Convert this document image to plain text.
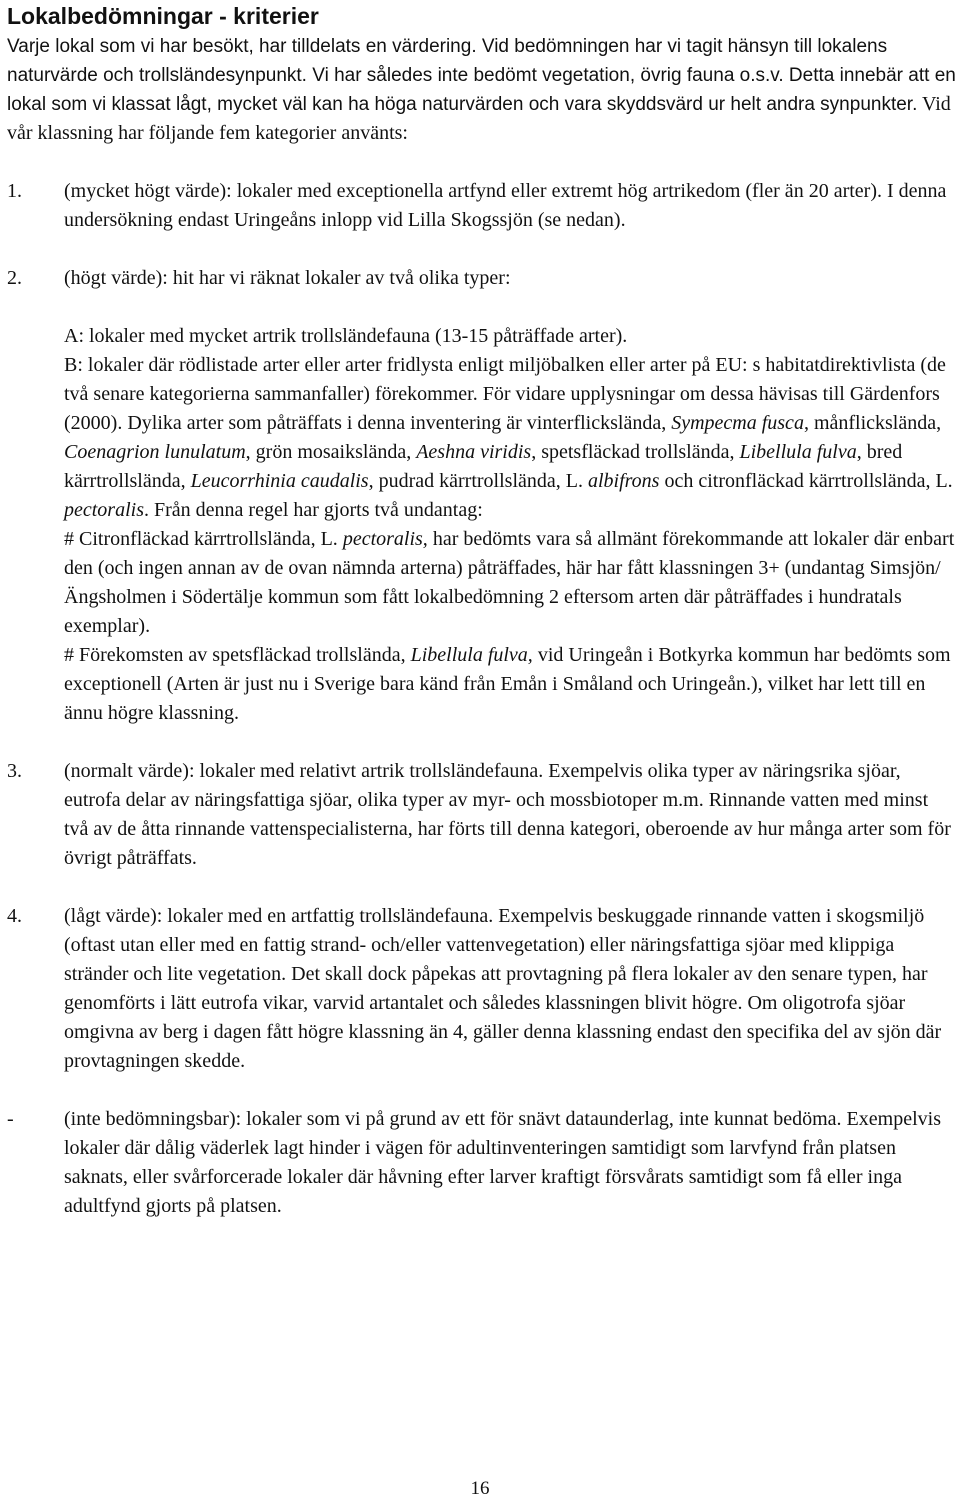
Lokalbedömningar - kriterier

Varje lokal som vi har besökt, har tilldelats en värdering. Vid bedömningen har vi tagit hänsyn till lokalens naturvärde och trollsländesynpunkt. Vi har således inte bedömt vegetation, övrig fauna o.s.v. Detta innebär att en lokal som vi klassat lågt, mycket väl kan ha höga naturvärden och vara skyddsvärd ur helt andra synpunkter. Vid vår klassning har följande fem kategorier använts:

1. (mycket högt värde): lokaler med exceptionella artfynd eller extremt hög artrikedom (fler än 20 arter). I denna undersökning endast Uringeåns inlopp vid Lilla Skogssjön (se nedan).

2. (högt värde): hit har vi räknat lokaler av två olika typer:

A: lokaler med mycket artrik trollsländefauna (13-15 påträffade arter).

B: lokaler där rödlistade arter eller arter fridlysta enligt miljöbalken eller arter på EU: s habitatdirektivlista (de två senare kategorierna sammanfaller) förekommer. För vidare upplysningar om dessa hävisas till Gärdenfors (2000). Dylika arter som påträffats i denna inventering är vinterflickslända, Sympecma fusca, månflickslända, Coenagrion lunulatum, grön mosaikslända, Aeshna viridis, spetsfläckad trollslända, Libellula fulva, bred kärrtrollslända, Leucorrhinia caudalis, pudrad kärrtrollslända, L. albifrons och citronfläckad kärrtrollslända, L. pectoralis. Från denna regel har gjorts två undantag:

# Citronfläckad kärrtrollslända, L. pectoralis, har bedömts vara så allmänt förekommande att lokaler där enbart den (och ingen annan av de ovan nämnda arterna) påträffades, här har fått klassningen 3+ (undantag Simsjön/Ängsholmen i Södertälje kommun som fått lokalbedömning 2 eftersom arten där påträffades i hundratals exemplar).

# Förekomsten av spetsfläckad trollslända, Libellula fulva, vid Uringeån i Botkyrka kommun har bedömts som exceptionell (Arten är just nu i Sverige bara känd från Emån i Småland och Uringeån.), vilket har lett till en ännu högre klassning.

3. (normalt värde): lokaler med relativt artrik trollsländefauna. Exempelvis olika typer av näringsrika sjöar, eutrofa delar av näringsfattiga sjöar, olika typer av myr- och mossbiotoper m.m. Rinnande vatten med minst två av de åtta rinnande vattenspecialisterna, har förts till denna kategori, oberoende av hur många arter som för övrigt påträffats.

4. (lågt värde): lokaler med en artfattig trollsländefauna. Exempelvis beskuggade rinnande vatten i skogsmiljö (oftast utan eller med en fattig strand- och/eller vattenvegetation) eller näringsfattiga sjöar med klippiga stränder och lite vegetation. Det skall dock påpekas att provtagning på flera lokaler av den senare typen, har genomförts i lätt eutrofa vikar, varvid artantalet och således klassningen blivit högre. Om oligotrofa sjöar omgivna av berg i dagen fått högre klassning än 4, gäller denna klassning endast den specifika del av sjön där provtagningen skedde.

-	(inte bedömningsbar): lokaler som vi på grund av ett för snävt dataunderlag, inte kunnat bedöma. Exempelvis lokaler där dålig väderlek lagt hinder i vägen för adultinventeringen samtidigt som larvfynd från platsen saknats, eller svårforcerade lokaler där håvning efter larver kraftigt försvårats samtidigt som få eller inga adultfynd gjorts på platsen.

16
